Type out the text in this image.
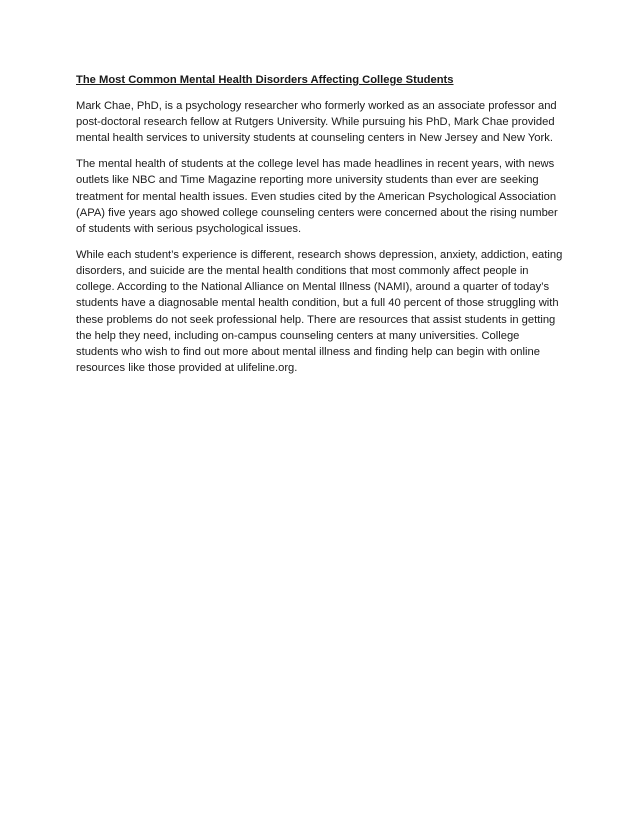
The Most Common Mental Health Disorders Affecting College Students

Mark Chae, PhD, is a psychology researcher who formerly worked as an associate professor and post-doctoral research fellow at Rutgers University. While pursuing his PhD, Mark Chae provided mental health services to university students at counseling centers in New Jersey and New York.

The mental health of students at the college level has made headlines in recent years, with news outlets like NBC and Time Magazine reporting more university students than ever are seeking treatment for mental health issues. Even studies cited by the American Psychological Association (APA) five years ago showed college counseling centers were concerned about the rising number of students with serious psychological issues.

While each student’s experience is different, research shows depression, anxiety, addiction, eating disorders, and suicide are the mental health conditions that most commonly affect people in college. According to the National Alliance on Mental Illness (NAMI), around a quarter of today’s students have a diagnosable mental health condition, but a full 40 percent of those struggling with these problems do not seek professional help. There are resources that assist students in getting the help they need, including on-campus counseling centers at many universities. College students who wish to find out more about mental illness and finding help can begin with online resources like those provided at ulifeline.org.
